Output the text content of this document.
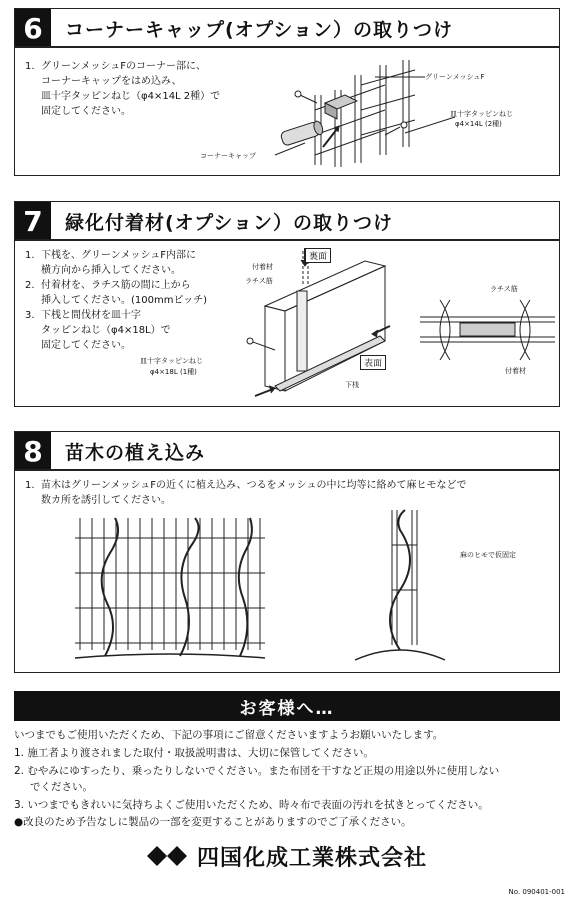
6	コーナーキャップ(オプション）の取りつけ
1. グリーンメッシュFのコーナー部に、
コーナーキャップをはめ込み、
皿十字タッピンねじ（φ4×14L 2種）で
固定してください。
グリーンメッシュF
皿十字タッピンねじ
φ4×14L (2種)
コーナーキャップ
7	緑化付着材(オプション）の取りつけ
1. 下桟を、グリーンメッシュF内部に
横方向から挿入してください。
2. 付着材を、ラチス筋の間に上から
挿入してください。(100mmピッチ)
3. 下桟と間伐材を皿十字
タッピンねじ（φ4×18L）で
固定してください。
裏面
表面
付着材
ラチス筋
皿十字タッピンねじ
φ4×18L (1種)
下桟
ラチス筋
付着材
8	苗木の植え込み
1. 苗木はグリーンメッシュFの近くに植え込み、つるをメッシュの中に均等に絡めて麻ヒモなどで
数カ所を誘引してください。
麻のヒモで仮固定
お客様へ…
いつまでもご使用いただくため、下記の事項にご留意くださいますようお願いいたします。
1. 施工者より渡されました取付・取扱説明書は、大切に保管してください。
2. むやみにゆすったり、乗ったりしないでください。また布団を干すなど正規の用途以外に使用しない
でください。
3. いつまでもきれいに気持ちよくご使用いただくため、時々布で表面の汚れを拭きとってください。
●改良のため予告なしに製品の一部を変更することがありますのでご了承ください。
四国化成工業株式会社
No. 090401-001
